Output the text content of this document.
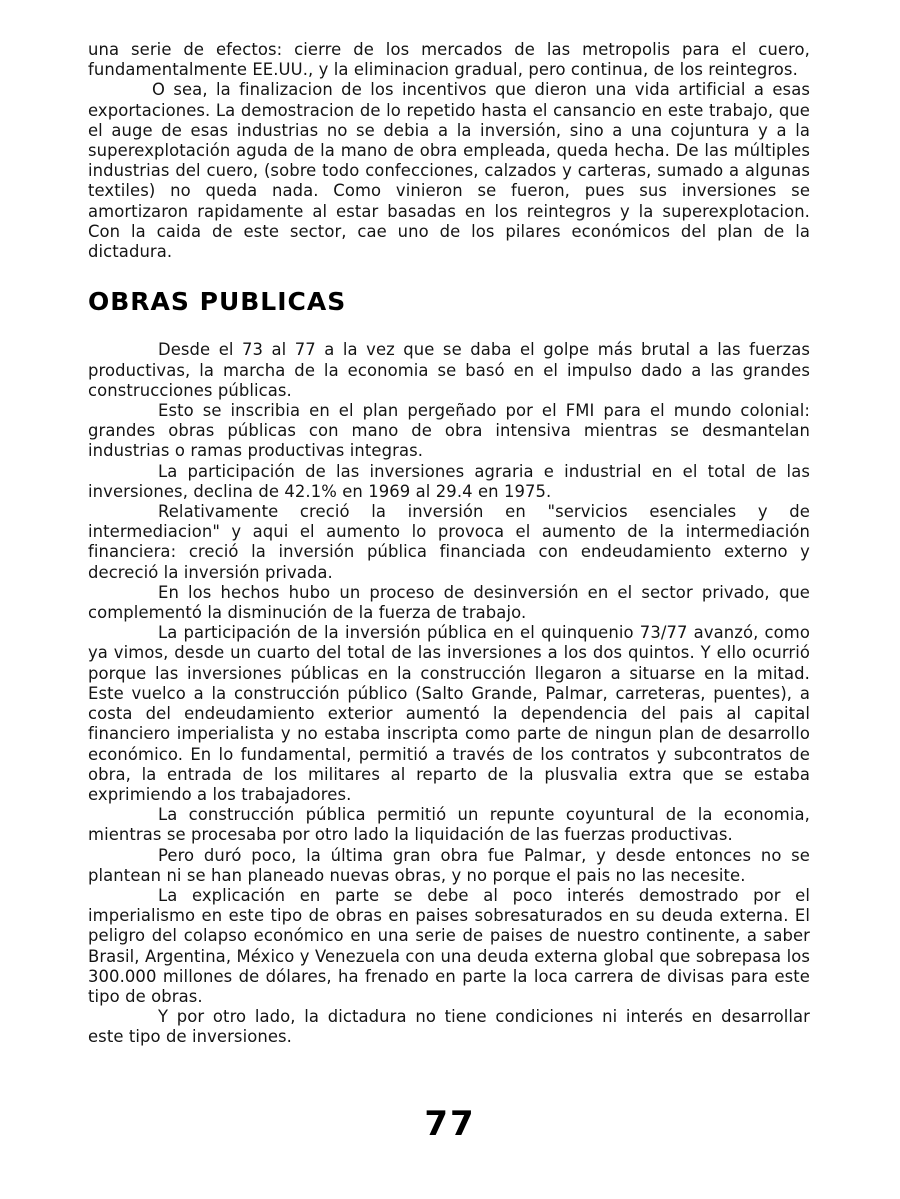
una serie de efectos: cierre de los mercados de las metropolis para el cuero, fundamentalmente EE.UU., y la eliminacion gradual, pero continua, de los reintegros.

O sea, la finalizacion de los incentivos que dieron una vida artificial a esas exportaciones. La demostracion de lo repetido hasta el cansancio en este trabajo, que el auge de esas industrias no se debia a la inversión, sino a una cojuntura y a la superexplotación aguda de la mano de obra empleada, queda hecha. De las múltiples industrias del cuero, (sobre todo confecciones, calzados y carteras, sumado a algunas textiles) no queda nada. Como vinieron se fueron, pues sus inversiones se amortizaron rapidamente al estar basadas en los reintegros y la superexplotacion. Con la caida de este sector, cae uno de los pilares económicos del plan de la dictadura.

OBRAS PUBLICAS

Desde el 73 al 77 a la vez que se daba el golpe más brutal a las fuerzas productivas, la marcha de la economia se basó en el impulso dado a las grandes construcciones públicas.

Esto se inscribia en el plan pergeñado por el FMI para el mundo colonial: grandes obras públicas con mano de obra intensiva mientras se desmantelan industrias o ramas productivas integras.

La participación de las inversiones agraria e industrial en el total de las inversiones, declina de 42.1% en 1969 al 29.4 en 1975.

Relativamente creció la inversión en "servicios esenciales y de intermediacion" y aqui el aumento lo provoca el aumento de la intermediación financiera: creció la inversión pública financiada con endeudamiento externo y decreció la inversión privada.

En los hechos hubo un proceso de desinversión en el sector privado, que complementó la disminución de la fuerza de trabajo.

La participación de la inversión pública en el quinquenio 73/77 avanzó, como ya vimos, desde un cuarto del total de las inversiones a los dos quintos. Y ello ocurrió porque las inversiones públicas en la construcción llegaron a situarse en la mitad. Este vuelco a la construcción público (Salto Grande, Palmar, carreteras, puentes), a costa del endeudamiento exterior aumentó la dependencia del pais al capital financiero imperialista y no estaba inscripta como parte de ningun plan de desarrollo económico. En lo fundamental, permitió a través de los contratos y subcontratos de obra, la entrada de los militares al reparto de la plusvalia extra que se estaba exprimiendo a los trabajadores.

La construcción pública permitió un repunte coyuntural de la economia, mientras se procesaba por otro lado la liquidación de las fuerzas productivas.

Pero duró poco, la última gran obra fue Palmar, y desde entonces no se plantean ni se han planeado nuevas obras, y no porque el pais no las necesite.

La explicación en parte se debe al poco interés demostrado por el imperialismo en este tipo de obras en paises sobresaturados en su deuda externa. El peligro del colapso económico en una serie de paises de nuestro continente, a saber Brasil, Argentina, México y Venezuela con una deuda externa global que sobrepasa los 300.000 millones de dólares, ha frenado en parte la loca carrera de divisas para este tipo de obras.

Y por otro lado, la dictadura no tiene condiciones ni interés en desarrollar este tipo de inversiones.

77
